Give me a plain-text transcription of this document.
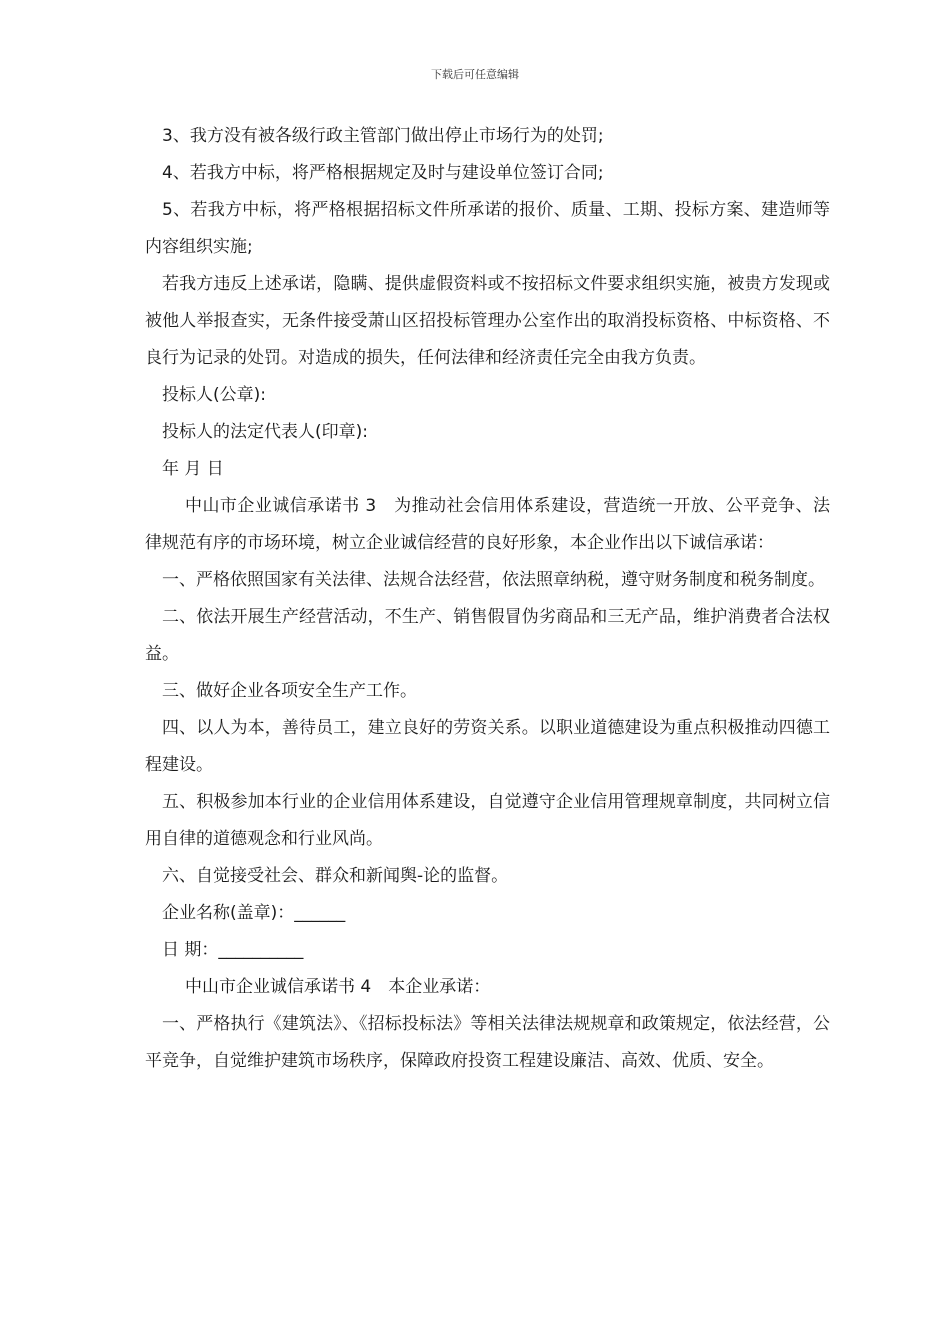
下载后可任意编辑

3、我方没有被各级行政主管部门做出停止市场行为的处罚;

4、若我方中标，将严格根据规定及时与建设单位签订合同;

5、若我方中标，将严格根据招标文件所承诺的报价、质量、工期、投标方案、建造师等内容组织实施;

若我方违反上述承诺，隐瞒、提供虚假资料或不按招标文件要求组织实施，被贵方发现或被他人举报查实，无条件接受萧山区招投标管理办公室作出的取消投标资格、中标资格、不良行为记录的处罚。对造成的损失，任何法律和经济责任完全由我方负责。

投标人(公章):

投标人的法定代表人(印章):

年 月 日

中山市企业诚信承诺书 3　为推动社会信用体系建设，营造统一开放、公平竞争、法律规范有序的市场环境，树立企业诚信经营的良好形象，本企业作出以下诚信承诺：

一、严格依照国家有关法律、法规合法经营，依法照章纳税，遵守财务制度和税务制度。

二、依法开展生产经营活动，不生产、销售假冒伪劣商品和三无产品，维护消费者合法权益。

三、做好企业各项安全生产工作。

四、以人为本，善待员工，建立良好的劳资关系。以职业道德建设为重点积极推动四德工程建设。

五、积极参加本行业的企业信用体系建设，自觉遵守企业信用管理规章制度，共同树立信用自律的道德观念和行业风尚。

六、自觉接受社会、群众和新闻舆-论的监督。

企业名称(盖章)：______

日 期：__________

中山市企业诚信承诺书 4　本企业承诺：

一、严格执行《建筑法》、《招标投标法》等相关法律法规规章和政策规定，依法经营，公平竞争，自觉维护建筑市场秩序，保障政府投资工程建设廉洁、高效、优质、安全。
